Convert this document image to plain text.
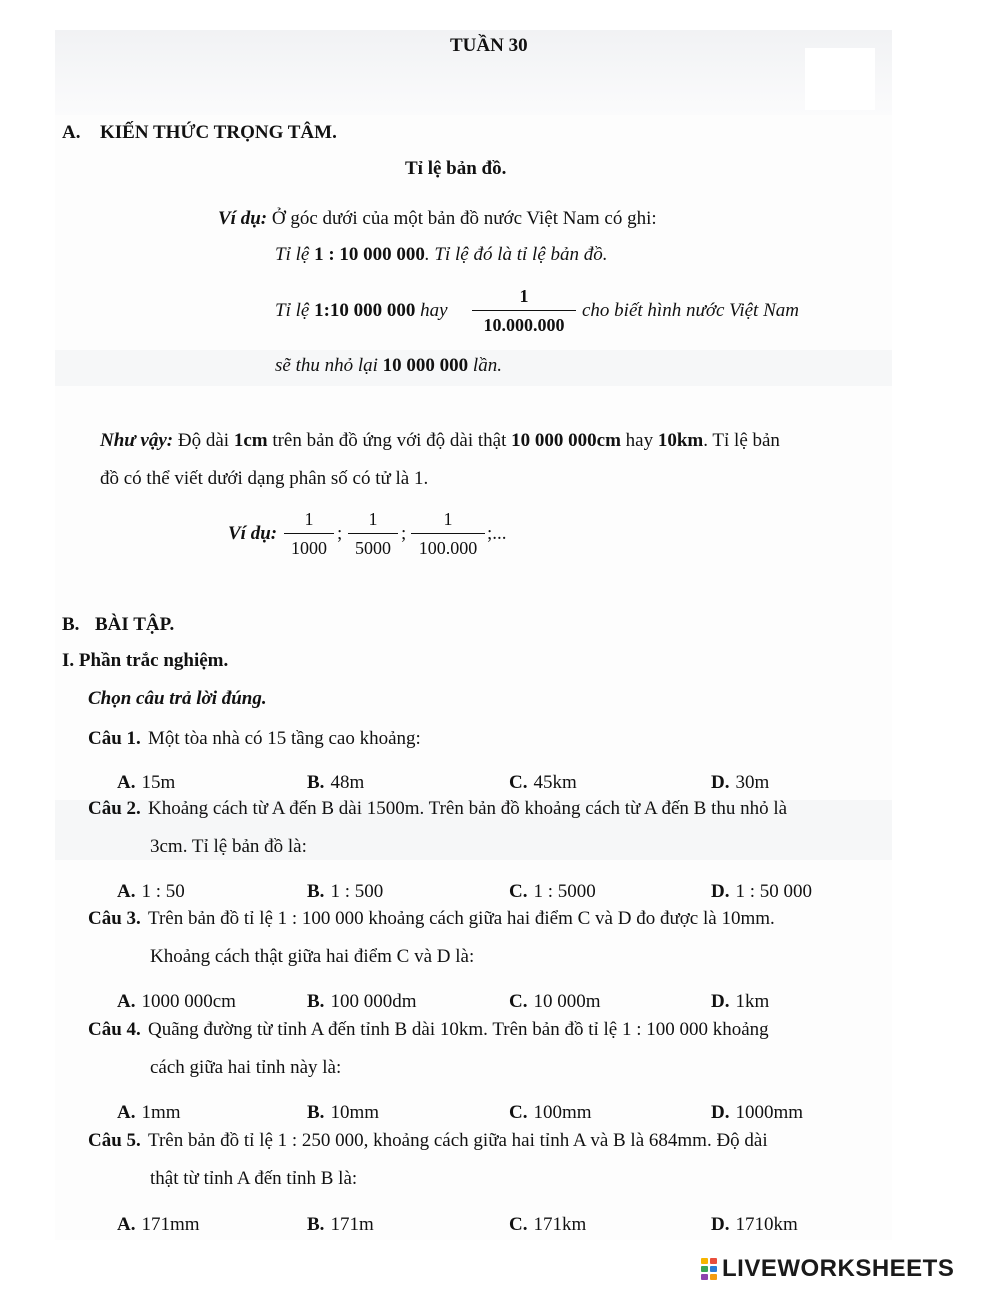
TUẦN 30
A. KIẾN THỨC TRỌNG TÂM.
Tỉ lệ bản đồ.
Ví dụ: Ở góc dưới của một bản đồ nước Việt Nam có ghi:
Tỉ lệ 1 : 10 000 000. Tỉ lệ đó là tỉ lệ bản đồ.
Tỉ lệ 1:10 000 000 hay $\frac{1}{10.000.000}$ cho biết hình nước Việt Nam
sẽ thu nhỏ lại 10 000 000 lần.
Như vậy: Độ dài 1cm trên bản đồ ứng với độ dài thật 10 000 000cm hay 10km. Tỉ lệ bản
đồ có thể viết dưới dạng phân số có tử là 1.
Ví dụ: $\frac{1}{1000}$ ; $\frac{1}{5000}$ ; $\frac{1}{100.000}$ ;...
B. BÀI TẬP.
I. Phần trắc nghiệm.
Chọn câu trả lời đúng.
Câu 1. Một tòa nhà có 15 tầng cao khoảng:
A. 15m	B. 48m	C. 45km	D. 30m
Câu 2. Khoảng cách từ A đến B dài 1500m. Trên bản đồ khoảng cách từ A đến B thu nhỏ là
3cm. Tỉ lệ bản đồ là:
A. 1 : 50	B. 1 : 500	C. 1 : 5000	D. 1 : 50 000
Câu 3. Trên bản đồ tỉ lệ 1 : 100 000 khoảng cách giữa hai điểm C và D đo được là 10mm.
Khoảng cách thật giữa hai điểm C và D là:
A. 1000 000cm	B. 100 000dm	C. 10 000m	D. 1km
Câu 4. Quãng đường từ tỉnh A đến tỉnh B dài 10km. Trên bản đồ tỉ lệ 1 : 100 000 khoảng
cách giữa hai tỉnh này là:
A. 1mm	B. 10mm	C. 100mm	D. 1000mm
Câu 5. Trên bản đồ tỉ lệ 1 : 250 000, khoảng cách giữa hai tỉnh A và B là 684mm. Độ dài
thật từ tỉnh A đến tỉnh B là:
A. 171mm	B. 171m	C. 171km	D. 1710km
LIVEWORKSHEETS
